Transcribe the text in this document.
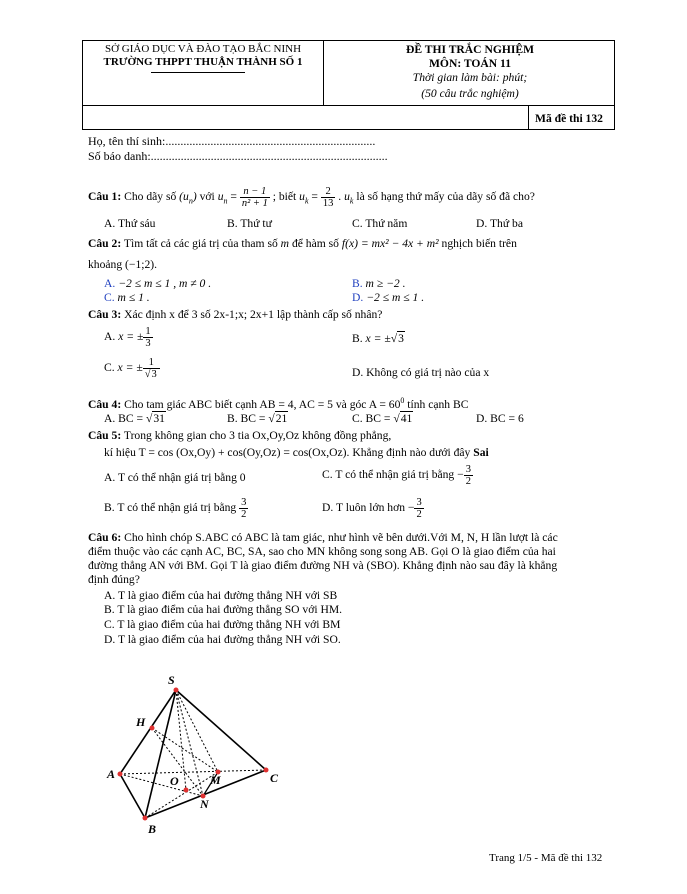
SỞ GIÁO DỤC VÀ ĐÀO TẠO BẮC NINH
TRƯỜNG THPPT THUẬN THÀNH SỐ 1
ĐỀ THI TRẮC NGHIỆM
MÔN: TOÁN 11
Thời gian làm bài: phút;
(50 câu trắc nghiệm)
Mã đề thi 132
Họ, tên thí sinh:......................................................................
Số báo danh:...............................................................................
Câu 1: Cho dãy số $(u_n)$ với $u_n = \frac{n - 1}{\text{n² + 1}}$ ; biết $u_k = \frac{2}{13}$ . $u_k$ là số hạng thứ mấy của dãy số đã cho?
A. Thứ sáu	B. Thứ tư	C. Thứ năm	D. Thứ ba
Câu 2: Tìm tất cả các giá trị của tham số m để hàm số f(x) = mx² − 4x + m² nghịch biến trên
khoảng (−1;2).
A. −2 ≤ m ≤ 1 , m ≠ 0 .	B. m ≥ −2 .
C. m ≤ 1 .	D. −2 ≤ m ≤ 1 .
Câu 3: Xác định x để 3 số 2x-1;x; 2x+1 lập thành cấp số nhân?
A. x = ± $\frac{1}{3}$	B. x = ±√3
C. x = ± $\frac{1}{√3}$	D. Không có giá trị nào của x
Câu 4: Cho tam giác ABC biết cạnh AB = 4, AC = 5 và góc $A = 60^0$ tính cạnh BC
A. BC = √31	B. BC = √21	C. BC = √41	D. BC = 6
Câu 5: Trong không gian cho 3 tia Ox,Oy,Oz không đồng phẳng,
kí hiệu T = cos (Ox,Oy) + cos(Oy,Oz) = cos(Ox,Oz). Khẳng định nào dưới đây Sai
A. T có thể nhận giá trị bằng 0	C. T có thể nhận giá trị bằng − $\frac{3}{2}$
B. T có thể nhận giá trị bằng $\frac{3}{2}$	D. T luôn lớn hơn − $\frac{3}{2}$
Câu 6: Cho hình chóp S.ABC có ABC là tam giác, như hình vẽ bên dưới.Với M, N, H lần lượt là các
điểm thuộc vào các cạnh AC, BC, SA, sao cho MN không song song AB. Gọi O là giao điểm của hai
đường thẳng AN với BM. Gọi T là giao điểm đường NH và (SBO). Khẳng định nào sau đây là khẳng
định đúng?
A. T là giao điểm của hai đường thẳng NH với SB
B. T là giao điểm của hai đường thẳng SO với HM.
C. T là giao điểm của hai đường thẳng NH với BM
D. T là giao điểm của hai đường thẳng NH với SO.
S
H
A	O	M	C
N
B
Trang 1/5 - Mã đề thi 132
